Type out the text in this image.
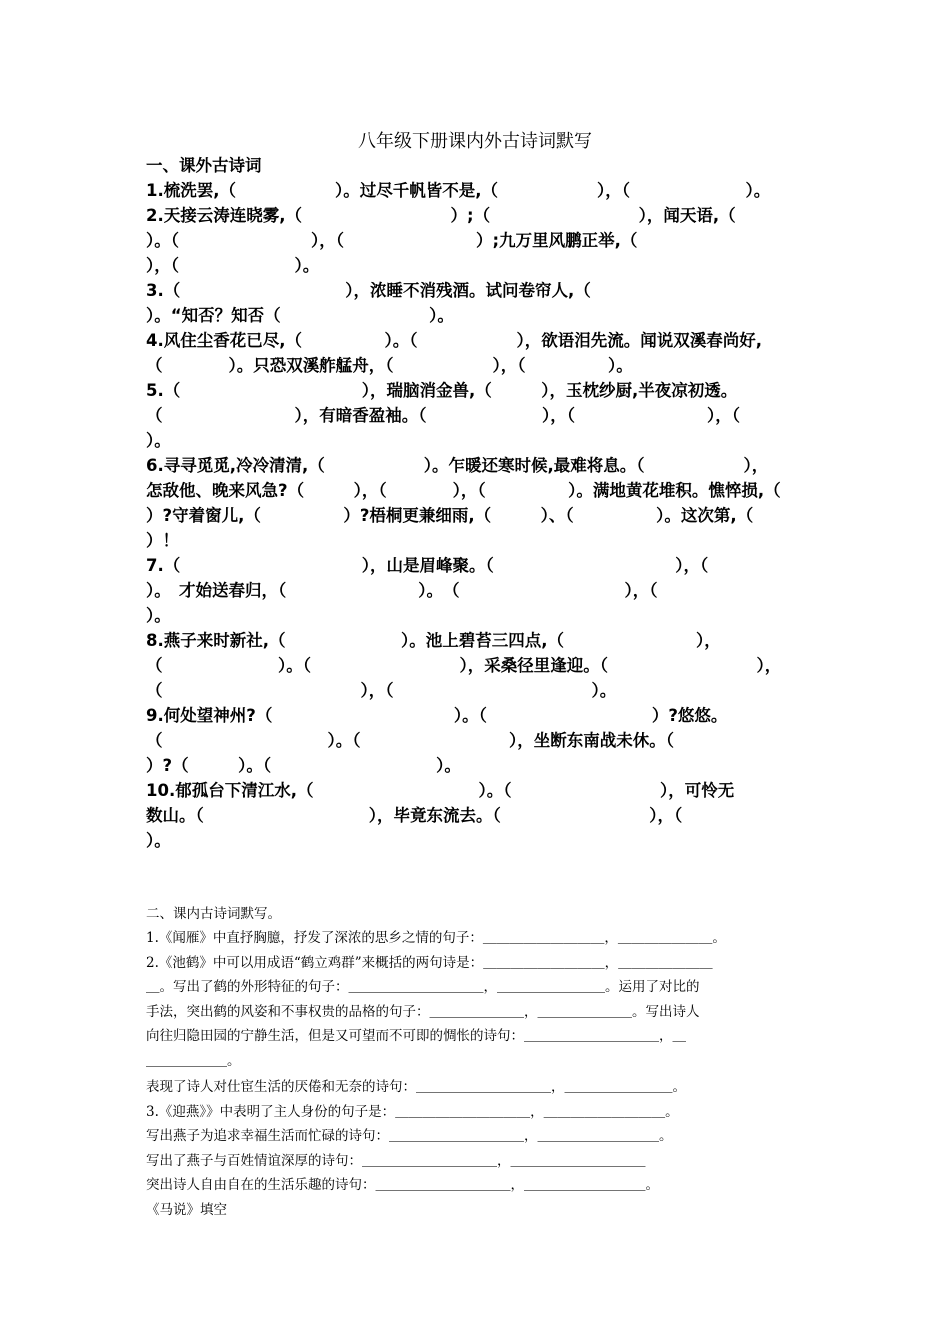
八年级下册课内外古诗词默写
一、课外古诗词
1.梳洗罢,（　　　　　　）。过尽千帆皆不是,（　　　　　　），（　　　　　　　）。
2.天接云涛连晓雾,（　　　　　　　　　）;（　　　　　　　　　），闻天语,（
）。（　　　　　　　　），（　　　　　　　　）;九万里风鹏正举,（
），（　　　　　　　）。
3.（　　　　　　　　　　），浓睡不消残酒。试问卷帘人,（
）。“知否？知否（　　　　　　　　　）。
4.风住尘香花已尽,（　　　　　）。（　　　　　　），欲语泪先流。闻说双溪春尚好,
（　　　　）。只恐双溪舴艋舟，（　　　　　　），（　　　　　）。
5.（　　　　　　　　　　　），瑞脑消金兽,（　　　），玉枕纱厨,半夜凉初透。
（　　　　　　　　），有暗香盈袖。（　　　　　　　），（　　　　　　　　），（
）。
6.寻寻觅觅,冷冷清清,（　　　　　　）。乍暖还寒时候,最难将息。（　　　　　　），
怎敌他、晚来风急?（　　　），（　　　　），（　　　　　）。满地黄花堆积。憔悴损,（
）?守着窗儿,（　　　　　）?梧桐更兼细雨,（　　　）、（　　　　　）。这次第,（
）！
7.（　　　　　　　　　　　），山是眉峰聚。（　　　　　　　　　　　），（
）。　才始送春归，（　　　　　　　　）。　（　　　　　　　　　　），（
）。
8.燕子来时新社,（　　　　　　　）。池上碧苔三四点,（　　　　　　　　），
（　　　　　　　）。（　　　　　　　　　），采桑径里逢迎。（　　　　　　　　　），
（　　　　　　　　　　　　），（　　　　　　　　　　　　）。
9.何处望神州?（　　　　　　　　　　　）。（　　　　　　　　　　）?悠悠。
（　　　　　　　　　　）。（　　　　　　　　　），坐断东南战未休。（
）?（　　　）。（　　　　　　　　　　）。
10.郁孤台下清江水,（　　　　　　　　　　）。（　　　　　　　　　），可怜无
数山。（　　　　　　　　　　），毕竟东流去。（　　　　　　　　　），（
）。
二、课内古诗词默写。
1.《闻雁》中直抒胸臆，抒发了深浓的思乡之情的句子：＿＿＿＿＿＿＿＿＿，＿＿＿＿＿＿＿。
2.《池鹤》中可以用成语“鹤立鸡群”来概括的两句诗是：＿＿＿＿＿＿＿＿＿，＿＿＿＿＿＿＿
＿。写出了鹤的外形特征的句子：＿＿＿＿＿＿＿＿＿＿，＿＿＿＿＿＿＿＿。运用了对比的
手法，突出鹤的风姿和不事权贵的品格的句子：＿＿＿＿＿＿＿，＿＿＿＿＿＿＿。写出诗人
向往归隐田园的宁静生活，但是又可望而不可即的惆怅的诗句：＿＿＿＿＿＿＿＿＿＿，＿
＿＿＿＿＿＿。
表现了诗人对仕宦生活的厌倦和无奈的诗句：＿＿＿＿＿＿＿＿＿＿，＿＿＿＿＿＿＿＿。
3.《迎燕》》中表明了主人身份的句子是：＿＿＿＿＿＿＿＿＿＿，＿＿＿＿＿＿＿＿＿。
写出燕子为追求幸福生活而忙碌的诗句：＿＿＿＿＿＿＿＿＿＿，＿＿＿＿＿＿＿＿＿。
写出了燕子与百姓情谊深厚的诗句：＿＿＿＿＿＿＿＿＿＿，＿＿＿＿＿＿＿＿＿＿
突出诗人自由自在的生活乐趣的诗句：＿＿＿＿＿＿＿＿＿＿，＿＿＿＿＿＿＿＿＿。
《马说》填空
